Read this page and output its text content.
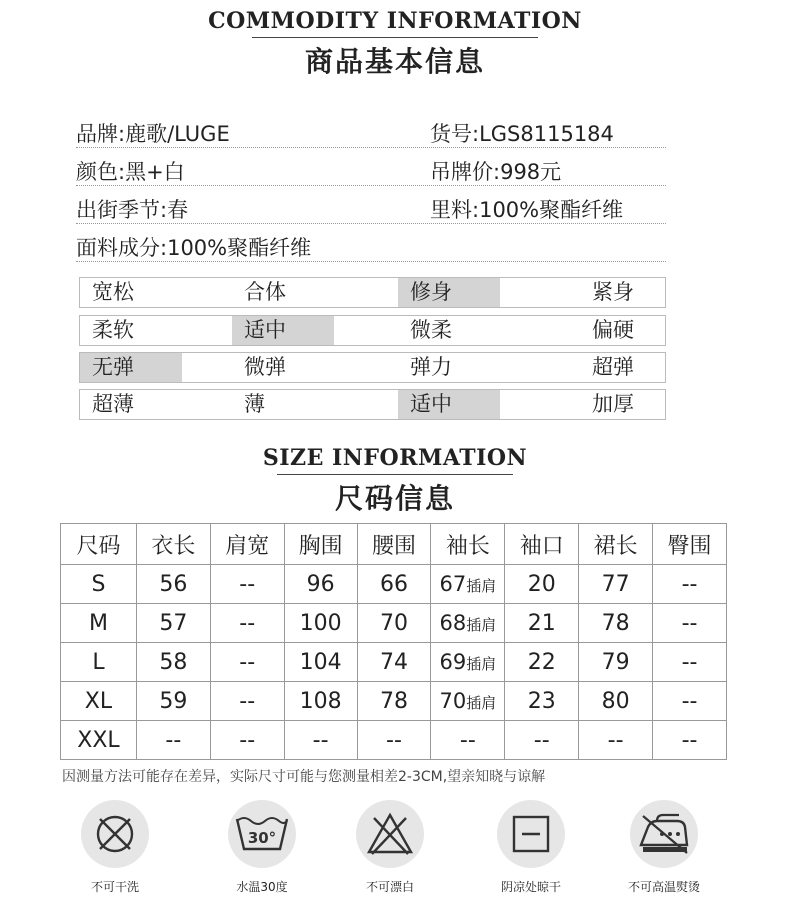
COMMODITY INFORMATION
商品基本信息
品牌:鹿歌/LUGE	货号:LGS8115184
颜色:黑+白	吊牌价:998元
出街季节:春	里料:100%聚酯纤维
面料成分:100%聚酯纤维
宽松	合体	修身	紧身
柔软	适中	微柔	偏硬
无弹	微弹	弹力	超弹
超薄	薄	适中	加厚
SIZE INFORMATION
尺码信息
尺码	衣长	肩宽	胸围	腰围	袖长	袖口	裙长	臀围
S	56	--	96	66	67插肩	20	77	--
M	57	--	100	70	68插肩	21	78	--
L	58	--	104	74	69插肩	22	79	--
XL	59	--	108	78	70插肩	23	80	--
XXL	--	--	--	--	--	--	--	--
因测量方法可能存在差异，实际尺寸可能与您测量相差2-3CM,望亲知晓与谅解
不可干洗
30°
水温30度	不可漂白	阴凉处晾干	不可高温熨烫
